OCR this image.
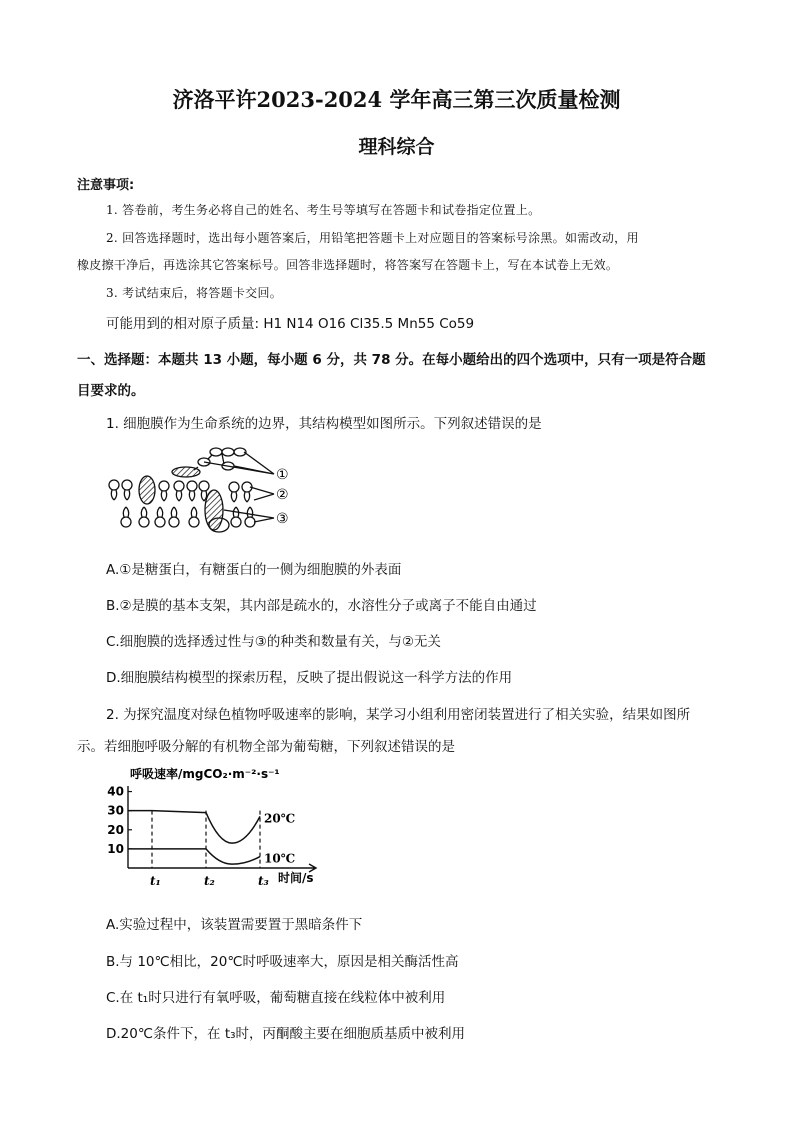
济洛平许2023-2024 学年高三第三次质量检测
理科综合
注意事项:
1. 答卷前，考生务必将自己的姓名、考生号等填写在答题卡和试卷指定位置上。
2. 回答选择题时，选出每小题答案后，用铅笔把答题卡上对应题目的答案标号涂黑。如需改动，用
橡皮擦干净后，再选涂其它答案标号。回答非选择题时，将答案写在答题卡上，写在本试卷上无效。
3. 考试结束后，将答题卡交回。
可能用到的相对原子质量: H1 N14 O16 Cl35.5 Mn55 Co59
一、选择题：本题共 13 小题，每小题 6 分，共 78 分。在每小题给出的四个选项中，只有一项是符合题
目要求的。
1. 细胞膜作为生命系统的边界，其结构模型如图所示。下列叙述错误的是
①
②
③
A.①是糖蛋白，有糖蛋白的一侧为细胞膜的外表面
B.②是膜的基本支架，其内部是疏水的，水溶性分子或离子不能自由通过
C.细胞膜的选择透过性与③的种类和数量有关，与②无关
D.细胞膜结构模型的探索历程，反映了提出假说这一科学方法的作用
2. 为探究温度对绿色植物呼吸速率的影响，某学习小组利用密闭装置进行了相关实验，结果如图所
示。若细胞呼吸分解的有机物全部为葡萄糖，下列叙述错误的是
呼吸速率/mgCO₂·m⁻²·s⁻¹
时间/s
10
20
30
40
t₁	t₂	t₃
20℃
10℃
A.实验过程中，该装置需要置于黑暗条件下
B.与 10℃相比，20℃时呼吸速率大，原因是相关酶活性高
C.在 t₁时只进行有氧呼吸，葡萄糖直接在线粒体中被利用
D.20℃条件下，在 t₃时，丙酮酸主要在细胞质基质中被利用
